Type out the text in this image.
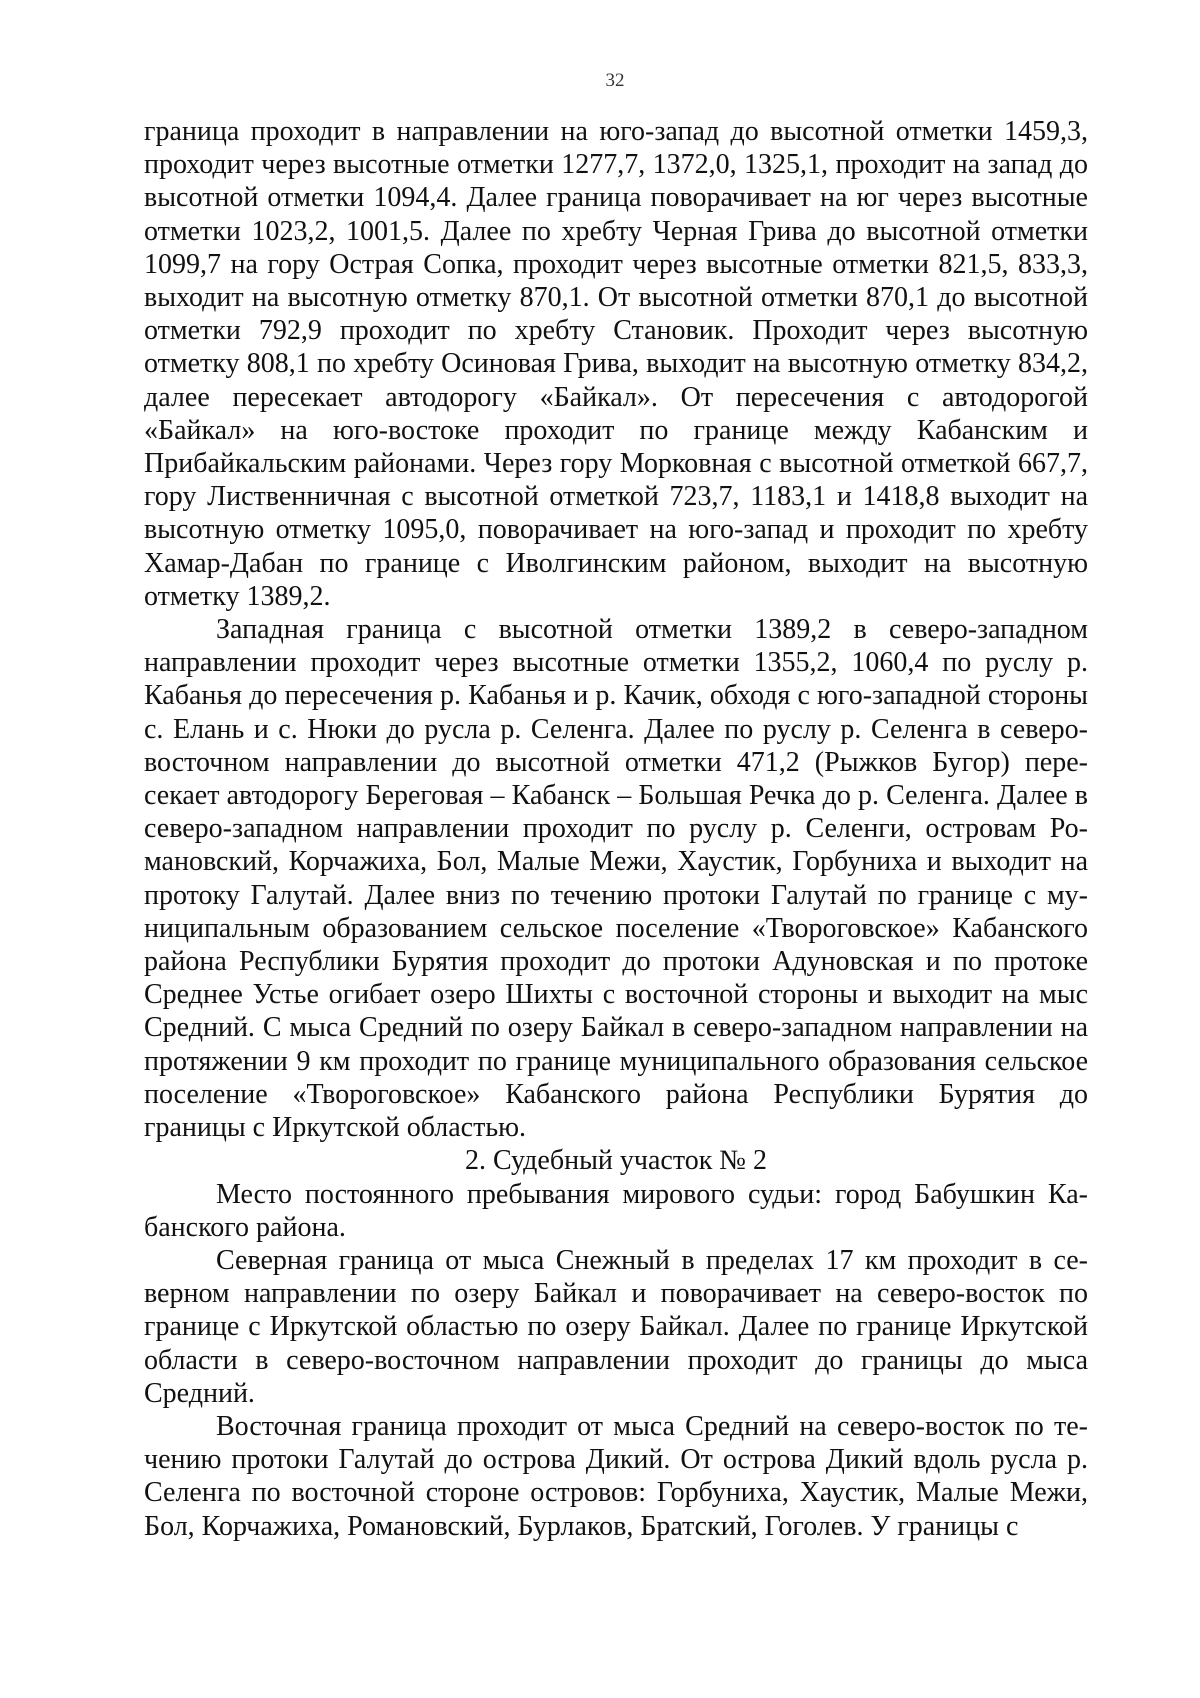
32

граница проходит в направлении на юго-запад до высотной отметки 1459,3, проходит через высотные отметки 1277,7, 1372,0, 1325,1, проходит на запад до высотной отметки 1094,4. Далее граница поворачивает на юг через высотные отметки 1023,2, 1001,5. Далее по хребту Черная Грива до высотной отметки 1099,7 на гору Острая Сопка, проходит через высотные отметки 821,5, 833,3, выходит на высотную отметку 870,1. От высотной отметки 870,1 до высотной отметки 792,9 проходит по хребту Становик. Проходит через высотную отметку 808,1 по хребту Осиновая Грива, выходит на высотную отметку 834,2, далее пересекает автодорогу «Байкал». От пересечения с автодорогой «Байкал» на юго-востоке проходит по границе между Кабанским и Прибайкальским районами. Через гору Морковная с высотной отметкой 667,7, гору Лиственничная с высотной отметкой 723,7, 1183,1 и 1418,8 выходит на высотную отметку 1095,0, поворачивает на юго-запад и проходит по хребту Хамар-Дабан по границе с Иволгинским районом, выходит на высотную отметку 1389,2.

Западная граница с высотной отметки 1389,2 в северо-западном направлении проходит через высотные отметки 1355,2, 1060,4 по руслу р. Кабанья до пересечения р. Кабанья и р. Качик, обходя с юго-западной стороны с. Елань и с. Нюки до русла р. Селенга. Далее по руслу р. Селенга в северо-восточном направлении до высотной отметки 471,2 (Рыжков Бугор) пересекает автодорогу Береговая – Кабанск – Большая Речка до р. Селенга. Далее в северо-западном направлении проходит по руслу р. Селенги, островам Романовский, Корчажиха, Бол, Малые Межи, Хаустик, Горбуниха и выходит на протоку Галутай. Далее вниз по течению протоки Галутай по границе с муниципальным образованием сельское поселение «Твороговское» Кабанского района Республики Бурятия проходит до протоки Адуновская и по протоке Среднее Устье огибает озеро Шихты с восточной стороны и выходит на мыс Средний. С мыса Средний по озеру Байкал в северо-западном направлении на протяжении 9 км проходит по границе муниципального образования сельское поселение «Твороговское» Кабанского района Республики Бурятия до границы с Иркутской областью.

2. Судебный участок № 2

Место постоянного пребывания мирового судьи: город Бабушкин Кабанского района.

Северная граница от мыса Снежный в пределах 17 км проходит в северном направлении по озеру Байкал и поворачивает на северо-восток по границе с Иркутской областью по озеру Байкал. Далее по границе Иркутской области в северо-восточном направлении проходит до границы до мыса Средний.

Восточная граница проходит от мыса Средний на северо-восток по течению протоки Галутай до острова Дикий. От острова Дикий вдоль русла р. Селенга по восточной стороне островов: Горбуниха, Хаустик, Малые Межи, Бол, Корчажиха, Романовский, Бурлаков, Братский, Гоголев. У границы с
